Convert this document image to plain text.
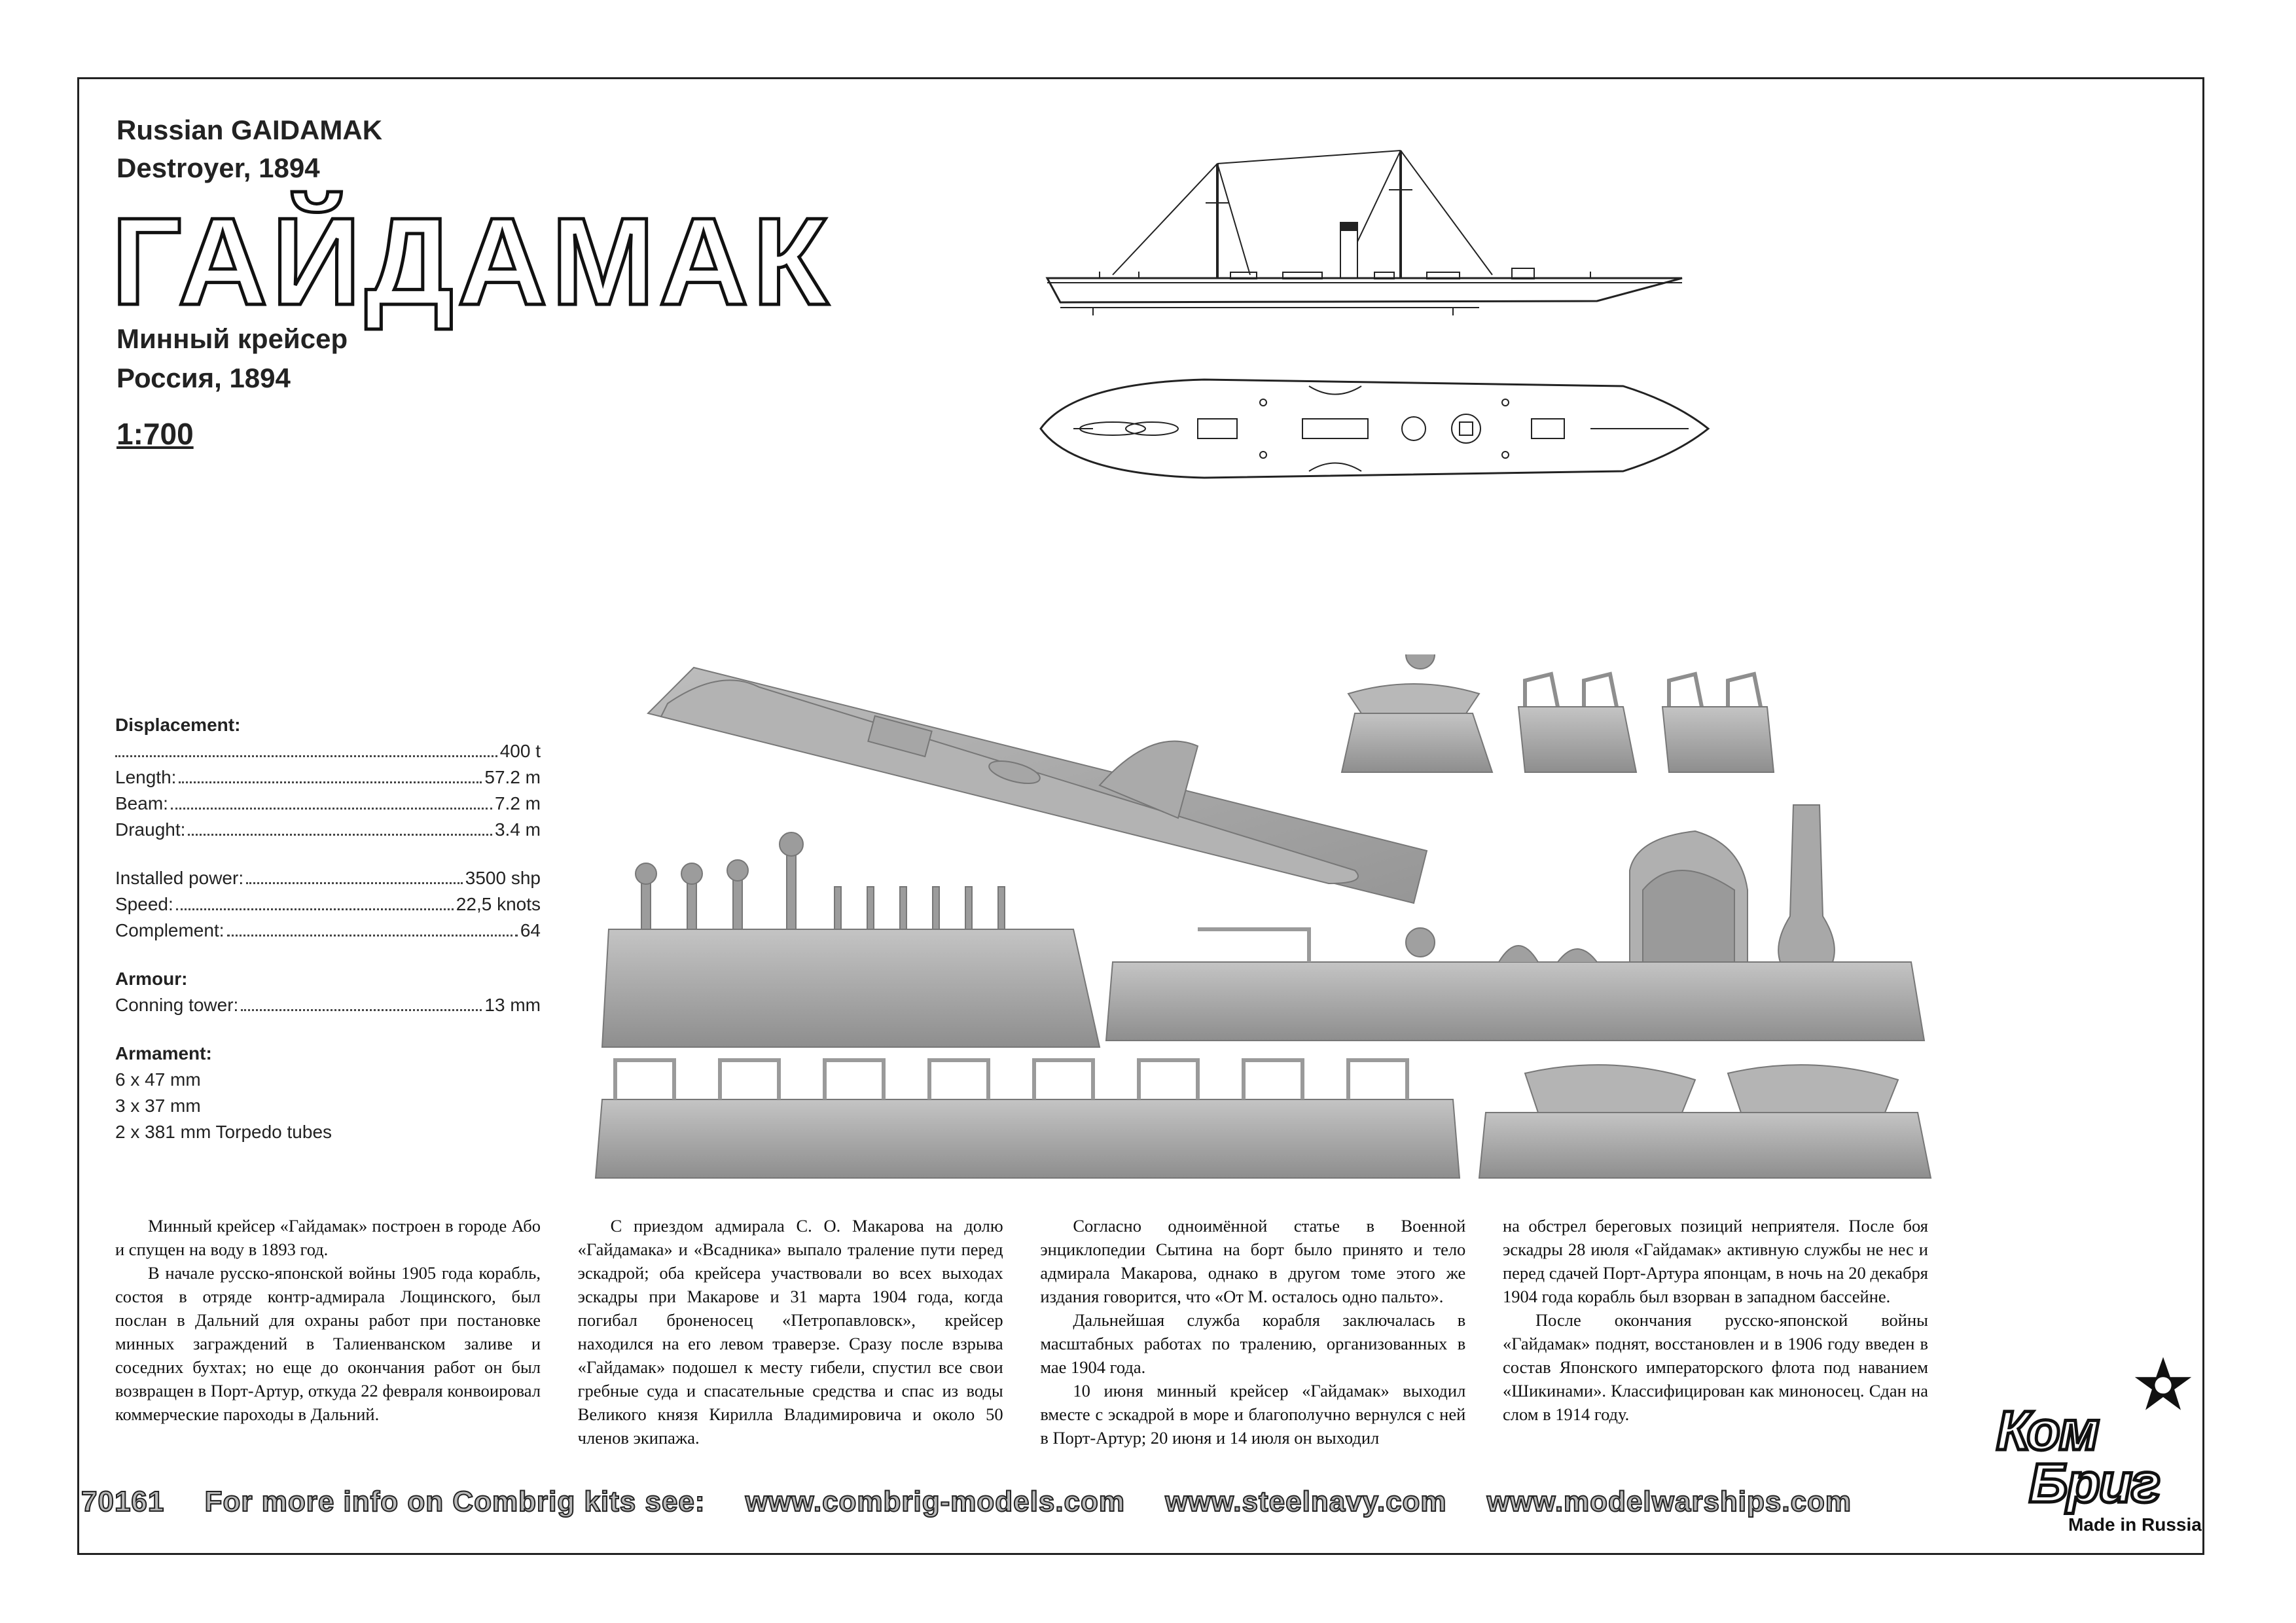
Russian GAIDAMAK
Destroyer, 1894
ГАЙДАМАК
Минный крейсер
Россия, 1894
1:700
Displacement:
400 t
Length:	57.2 m
Beam:	7.2 m
Draught:	3.4 m
Installed power:	3500 shp
Speed:	22,5 knots
Complement:	64
Armour:
Conning tower:	13 mm
Armament:
6 x 47 mm
3 x 37 mm
2 x 381 mm Torpedo tubes

Минный крейсер «Гайдамак» построен в городе Або и спущен на воду в 1893 год.

В начале русско-японской войны 1905 года корабль, состоя в отряде контр-адмирала Лощинского, был послан в Дальний для охраны работ при постановке минных заграждений в Талиенванском заливе и соседних бухтах; но еще до окончания работ он был возвращен в Порт-Артур, откуда 22 февраля конвоировал коммерческие пароходы в Дальний.

С приездом адмирала С. О. Макарова на долю «Гайдамака» и «Всадника» выпало траление пути перед эскадрой; оба крейсера участвовали во всех выходах эскадры при Макарове и 31 марта 1904 года, когда погибал броненосец «Петропавловск», крейсер находился на его левом траверзе. Сразу после взрыва «Гайдамак» подошел к месту гибели, спустил все свои гребные суда и спасательные средства и спас из воды Великого князя Кирилла Владимировича и около 50 членов экипажа.

Согласно одноимённой статье в Военной энциклопедии Сытина на борт было принято и тело адмирала Макарова, однако в другом томе этого же издания говорится, что «От М. осталось одно пальто».

Дальнейшая служба корабля заключалась в масштабных работах по тралению, организованных в мае 1904 года.

10 июня минный крейсер «Гайдамак» выходил вместе с эскадрой в море и благополучно вернулся с ней в Порт-Артур; 20 июня и 14 июля он выходил

на обстрел береговых позиций неприятеля. После боя эскадры 28 июля «Гайдамак» активную службы не нес и перед сдачей Порт-Артура японцам, в ночь на 20 декабря 1904 года корабль был взорван в западном бассейне.

После окончания русско-японской войны «Гайдамак» поднят, восстановлен и в 1906 году введен в состав Японского императорского флота под наванием «Шикинами». Классифицирован как миноносец. Сдан на слом в 1914 году.

70161 For more info on Combrig kits see: www.combrig-models.com www.steelnavy.com www.modelwarships.com
Ком
Бриг
Made in Russia
